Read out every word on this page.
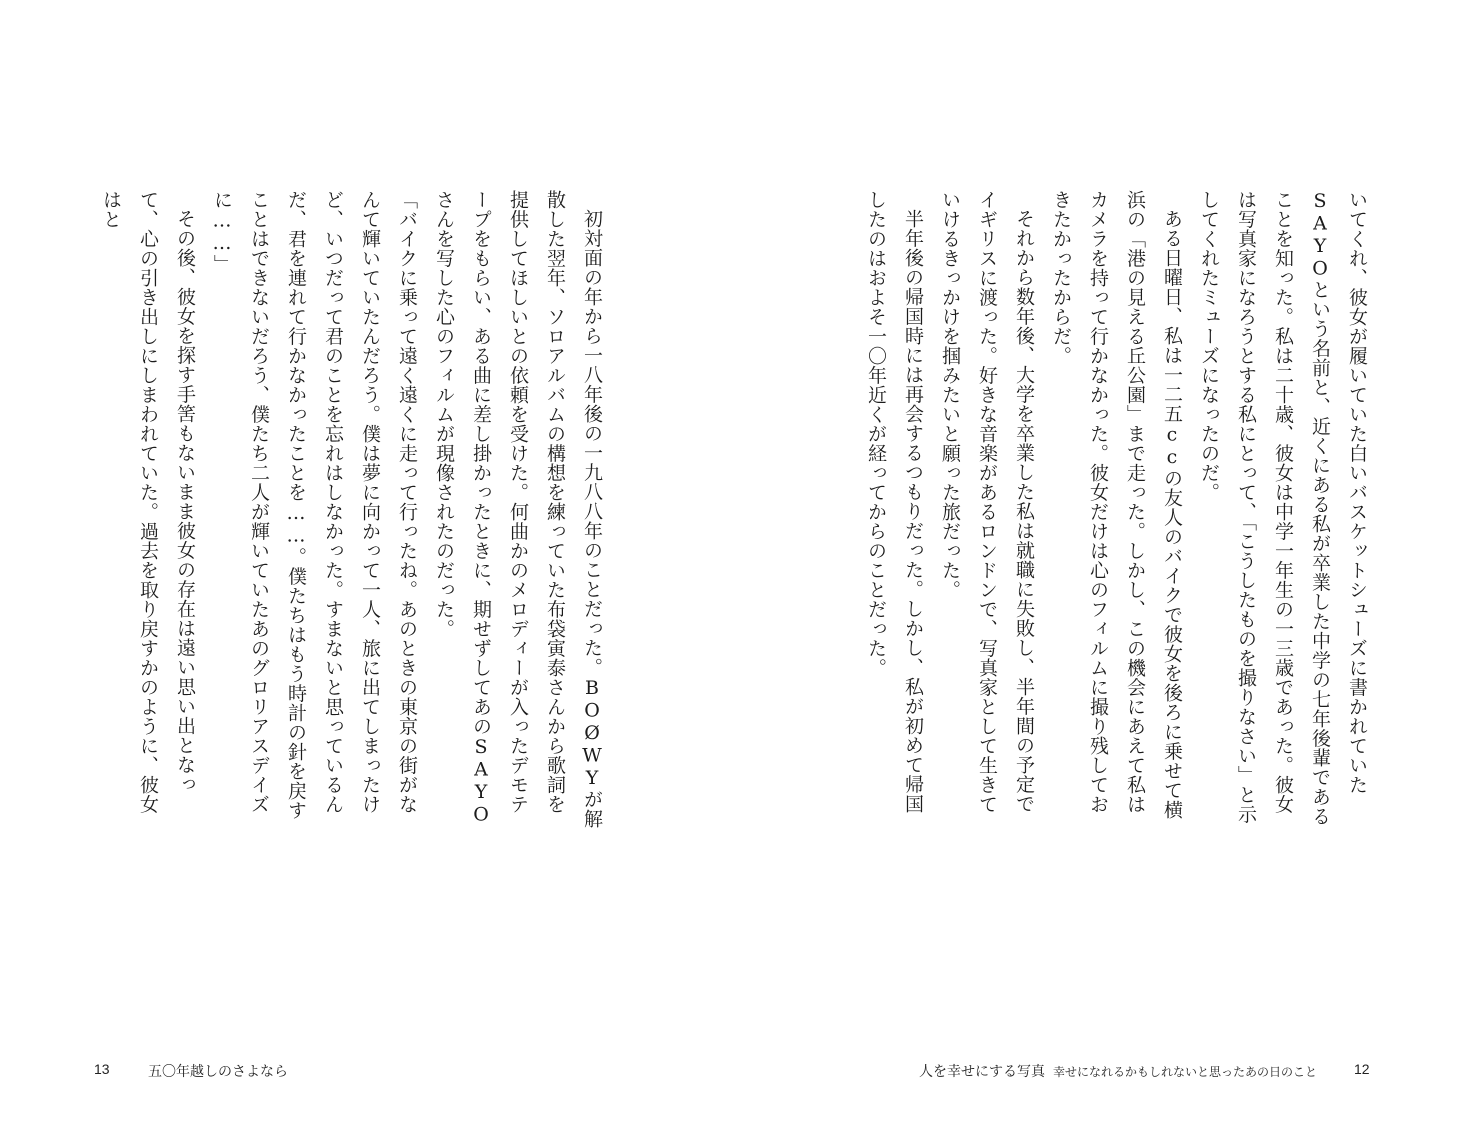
いてくれ、彼女が履いていた白いバスケットシューズに書かれていたSAYOという名前と、近くにある私が卒業した中学の七年後輩であることを知った。私は二十歳、彼女は中学一年生の一三歳であった。彼女は写真家になろうとする私にとって、「こうしたものを撮りなさい」と示してくれたミューズになったのだ。

ある日曜日、私は一二五ccの友人のバイクで彼女を後ろに乗せて横浜の「港の見える丘公園」まで走った。しかし、この機会にあえて私はカメラを持って行かなかった。彼女だけは心のフィルムに撮り残しておきたかったからだ。

それから数年後、大学を卒業した私は就職に失敗し、半年間の予定でイギリスに渡った。好きな音楽があるロンドンで、写真家として生きていけるきっかけを掴みたいと願った旅だった。

半年後の帰国時には再会するつもりだった。しかし、私が初めて帰国したのはおよそ一〇年近くが経ってからのことだった。

初対面の年から一八年後の一九八八年のことだった。BOØWYが解散した翌年、ソロアルバムの構想を練っていた布袋寅泰さんから歌詞を提供してほしいとの依頼を受けた。何曲かのメロディーが入ったデモテープをもらい、ある曲に差し掛かったときに、期せずしてあのSAYOさんを写した心のフィルムが現像されたのだった。

「バイクに乗って遠く遠くに走って行ったね。あのときの東京の街がなんて輝いていたんだろう。僕は夢に向かって一人、旅に出てしまったけど、いつだって君のことを忘れはしなかった。すまないと思っているんだ、君を連れて行かなかったことを……。僕たちはもう時計の針を戻すことはできないだろう、僕たち二人が輝いていたあのグロリアスデイズに……」

その後、彼女を探す手筈もないまま彼女の存在は遠い思い出となって、心の引き出しにしまわれていた。過去を取り戻すかのように、彼女はと

13	五〇年越しのさよなら	人を幸せにする写真 幸せになれるかもしれないと思ったあの日のこと	12
